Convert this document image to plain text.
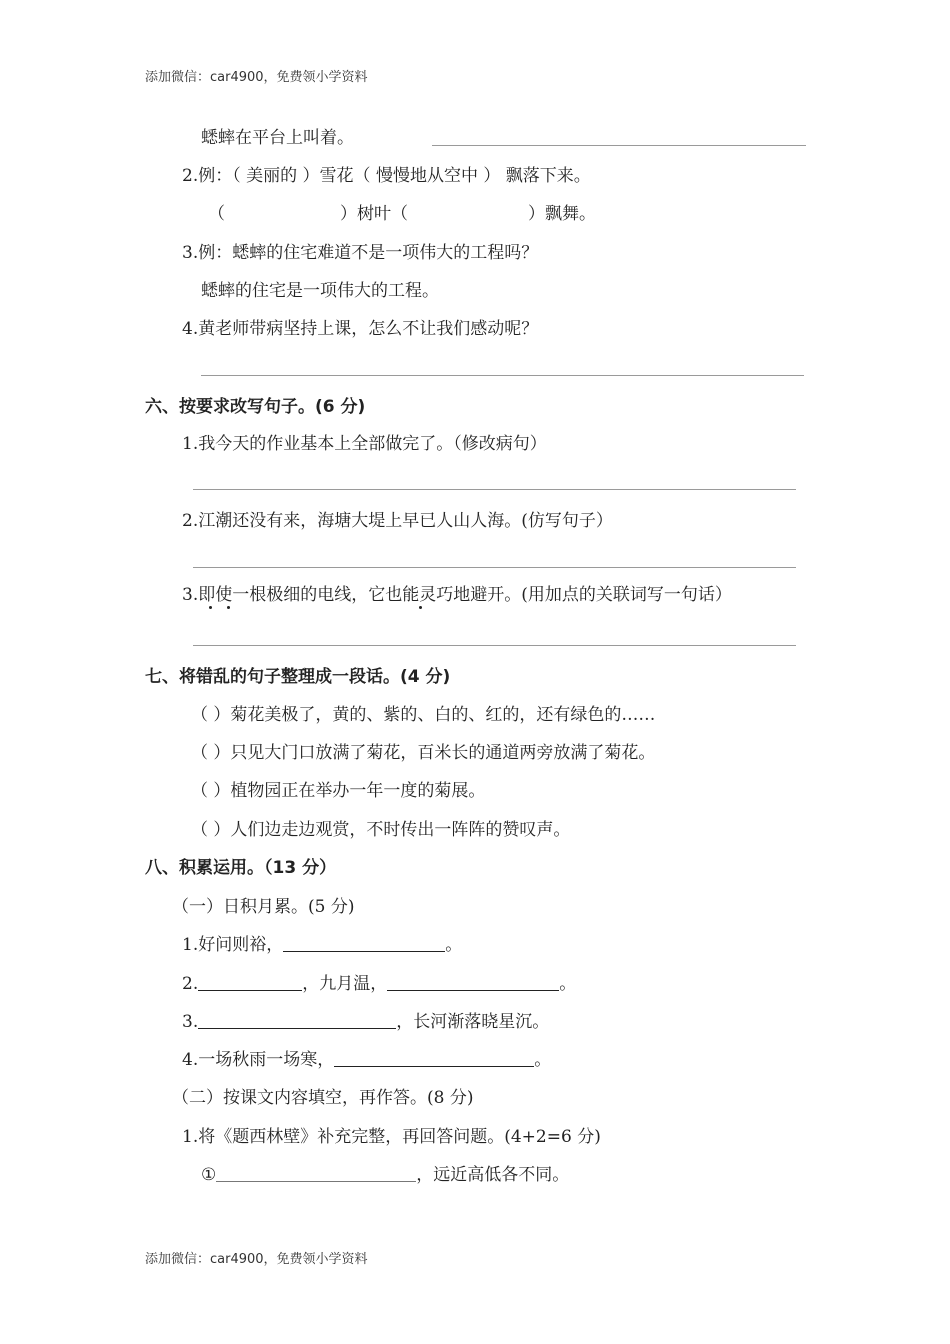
添加微信：car4900，免费领小学资料
蟋蟀在平台上叫着。
2.例：（ 美丽的 ）雪花（ 慢慢地从空中 ） 飘落下来。
（	）树叶（	）飘舞。
3.例：蟋蟀的住宅难道不是一项伟大的工程吗？
蟋蟀的住宅是一项伟大的工程。
4.黄老师带病坚持上课，怎么不让我们感动呢？
六、按要求改写句子。(6 分)
1.我今天的作业基本上全部做完了。（修改病句）
2.江潮还没有来，海塘大堤上早已人山人海。(仿写句子）
3.即使一根极细的电线，它也能灵巧地避开。(用加点的关联词写一句话）
七、将错乱的句子整理成一段话。(4 分)
（ ）菊花美极了，黄的、紫的、白的、红的，还有绿色的……
（ ）只见大门口放满了菊花，百米长的通道两旁放满了菊花。
（ ）植物园正在举办一年一度的菊展。
（ ）人们边走边观赏，不时传出一阵阵的赞叹声。
八、积累运用。（13 分）
（一）日积月累。(5 分)
1.好问则裕，	。
2.	，九月温，	。
3.	，长河渐落晓星沉。
4.一场秋雨一场寒，	。
（二）按课文内容填空，再作答。(8 分)
1.将《题西林壁》补充完整，再回答问题。(4+2=6 分)
①	，远近高低各不同。
添加微信：car4900，免费领小学资料
